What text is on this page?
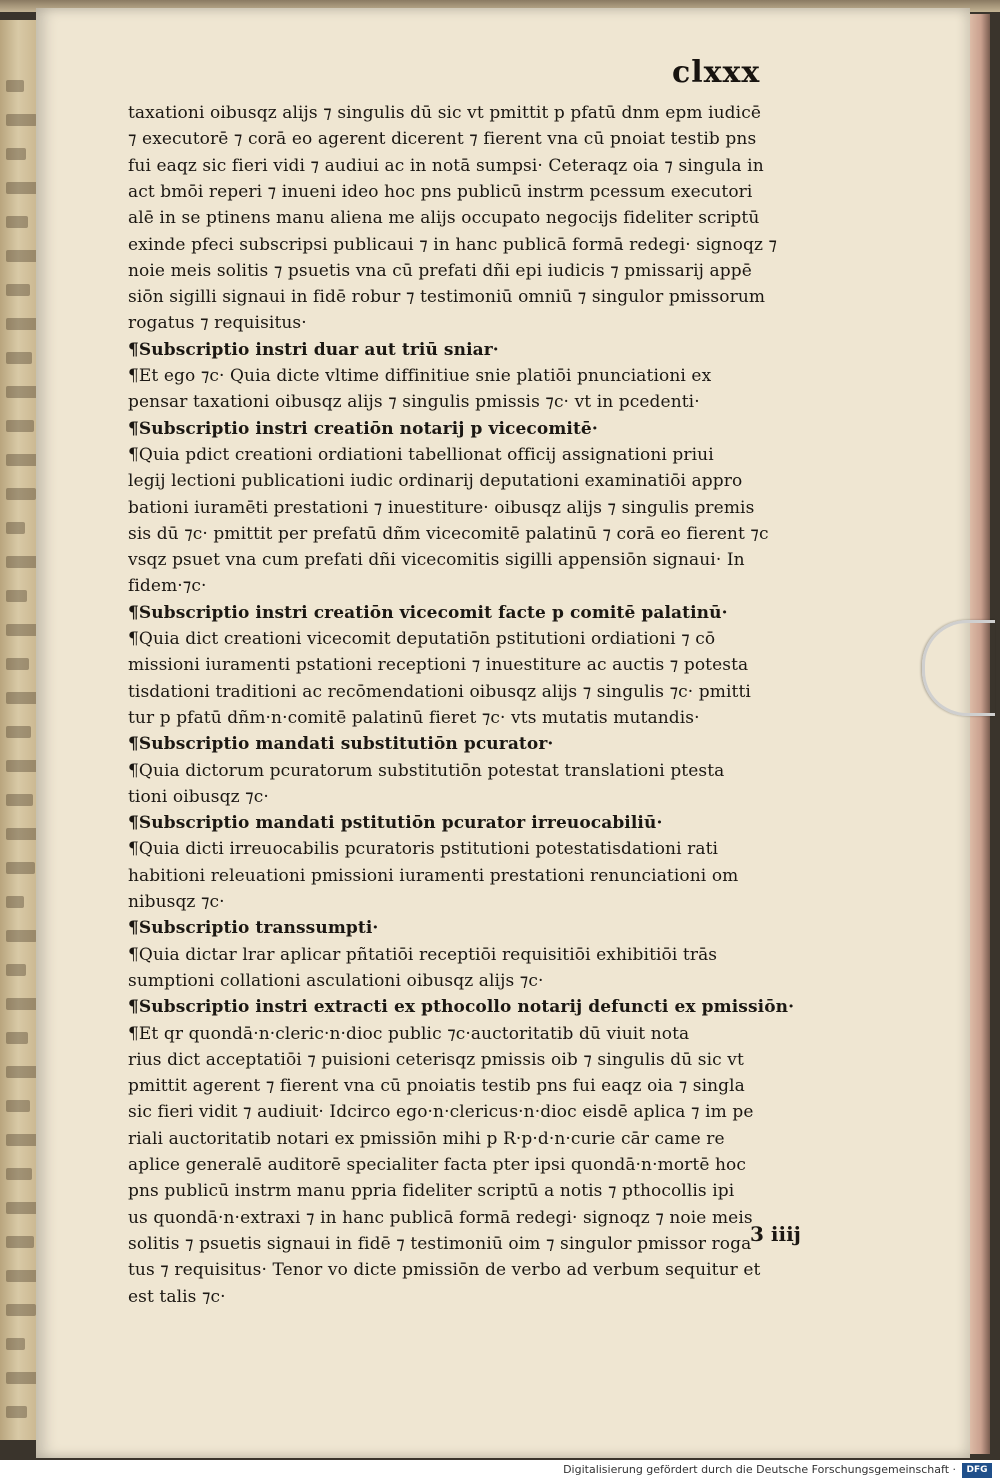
clxxx
taxationi oibusqz alijs ⁊ singulis dū sic vt pmittit p pfatū dnm epm iudicē
⁊ executorē ⁊ corā eo agerent dicerent ⁊ fierent vna cū pnoiat testib pns
fui eaqz sic fieri vidi ⁊ audiui ac in notā sumpsi· Ceteraqz oia ⁊ singula in
act bmōi reperi ⁊ inueni ideo hoc pns publicū instrm pcessum executori
alē in se ptinens manu aliena me alijs occupato negocijs fideliter scriptū
exinde pfeci subscripsi publicaui ⁊ in hanc publicā formā redegi· signoqz ⁊
noie meis solitis ⁊ psuetis vna cū prefati dñi epi iudicis ⁊ pmissarij appē
siōn sigilli signaui in fidē robur ⁊ testimoniū omniū ⁊ singulor pmissorum
rogatus ⁊ requisitus·
¶Subscriptio instri duar aut triū sniar·
¶Et ego ⁊c· Quia dicte vltime diffinitiue snie platiōi pnunciationi ex
pensar taxationi oibusqz alijs ⁊ singulis pmissis ⁊c· vt in pcedenti·
¶Subscriptio instri creatiōn notarij p vicecomitē·
¶Quia pdict creationi ordiationi tabellionat officij assignationi priui
legij lectioni publicationi iudic ordinarij deputationi examinatiōi appro
bationi iuramēti prestationi ⁊ inuestiture· oibusqz alijs ⁊ singulis premis
sis dū ⁊c· pmittit per prefatū dñm vicecomitē palatinū ⁊ corā eo fierent ⁊c
vsqz psuet vna cum prefati dñi vicecomitis sigilli appensiōn signaui· In
fidem·⁊c·
¶Subscriptio instri creatiōn vicecomit facte p comitē palatinū·
¶Quia dict creationi vicecomit deputatiōn pstitutioni ordiationi ⁊ cō
missioni iuramenti pstationi receptioni ⁊ inuestiture ac auctis ⁊ potesta
tisdationi traditioni ac recōmendationi oibusqz alijs ⁊ singulis ⁊c· pmitti
tur p pfatū dñm·n·comitē palatinū fieret ⁊c· vts mutatis mutandis·
¶Subscriptio mandati substitutiōn pcurator·
¶Quia dictorum pcuratorum substitutiōn potestat translationi ptesta
tioni oibusqz ⁊c·
¶Subscriptio mandati pstitutiōn pcurator irreuocabiliū·
¶Quia dicti irreuocabilis pcuratoris pstitutioni potestatisdationi rati
habitioni releuationi pmissioni iuramenti prestationi renunciationi om
nibusqz ⁊c·
¶Subscriptio transsumpti·
¶Quia dictar lrar aplicar pñtatiōi receptiōi requisitiōi exhibitiōi trās
sumptioni collationi asculationi oibusqz alijs ⁊c·
¶Subscriptio instri extracti ex pthocollo notarij defuncti ex pmissiōn·
¶Et qr quondā·n·cleric·n·dioc public ⁊c·auctoritatib dū viuit nota
rius dict acceptatiōi ⁊ puisioni ceterisqz pmissis oib ⁊ singulis dū sic vt
pmittit agerent ⁊ fierent vna cū pnoiatis testib pns fui eaqz oia ⁊ singla
sic fieri vidit ⁊ audiuit· Idcirco ego·n·clericus·n·dioc eisdē aplica ⁊ im pe
riali auctoritatib notari ex pmissiōn mihi p R·p·d·n·curie cār came re
aplice generalē auditorē specialiter facta pter ipsi quondā·n·mortē hoc
pns publicū instrm manu ppria fideliter scriptū a notis ⁊ pthocollis ipi
us quondā·n·extraxi ⁊ in hanc publicā formā redegi· signoqz ⁊ noie meis
solitis ⁊ psuetis signaui in fidē ⁊ testimoniū oim ⁊ singulor pmissor roga
tus ⁊ requisitus· Tenor vo dicte pmissiōn de verbo ad verbum sequitur et
est talis ⁊c·
3 iiij
Digitalisierung gefördert durch die Deutsche Forschungsgemeinschaft ·	DFG
